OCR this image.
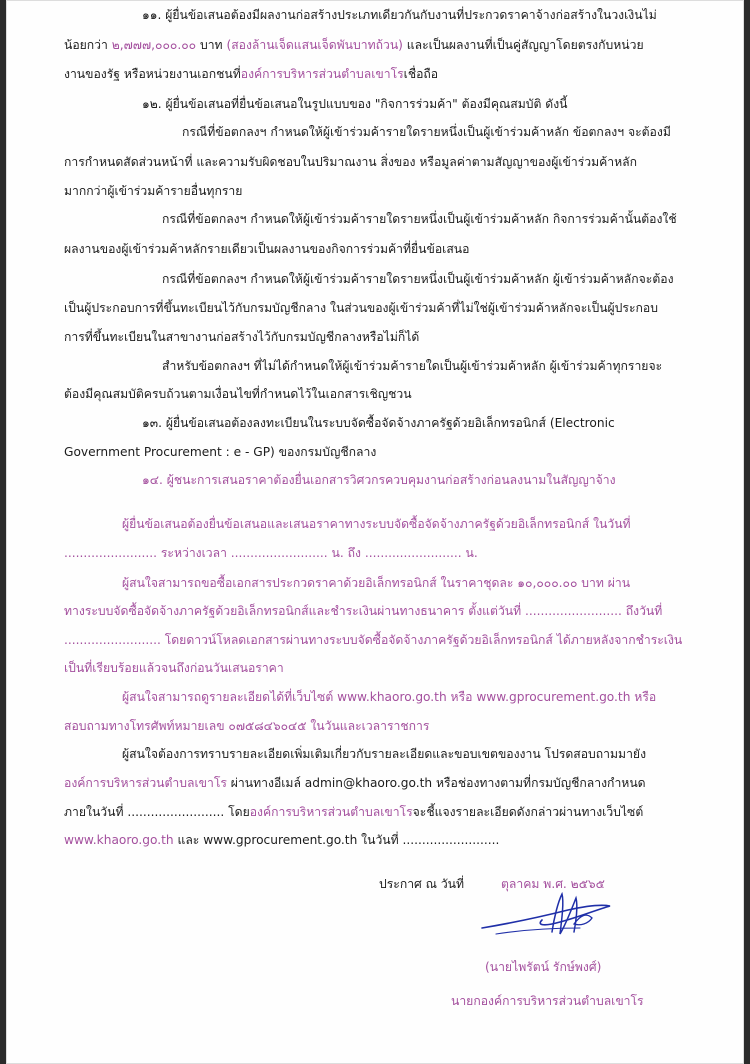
๑๑. ผู้ยื่นข้อเสนอต้องมีผลงานก่อสร้างประเภทเดียวกันกับงานที่ประกวดราคาจ้างก่อสร้างในวงเงินไม่
น้อยกว่า ๒,๗๗๗,๐๐๐.๐๐ บาท (สองล้านเจ็ดแสนเจ็ดพันบาทถ้วน) และเป็นผลงานที่เป็นคู่สัญญาโดยตรงกับหน่วย
งานของรัฐ หรือหน่วยงานเอกชนที่องค์การบริหารส่วนตำบลเขาโรเชื่อถือ
๑๒. ผู้ยื่นข้อเสนอที่ยื่นข้อเสนอในรูปแบบของ "กิจการร่วมค้า" ต้องมีคุณสมบัติ ดังนี้
กรณีที่ข้อตกลงฯ กำหนดให้ผู้เข้าร่วมค้ารายใดรายหนึ่งเป็นผู้เข้าร่วมค้าหลัก ข้อตกลงฯ จะต้องมี
การกำหนดสัดส่วนหน้าที่ และความรับผิดชอบในปริมาณงาน สิ่งของ หรือมูลค่าตามสัญญาของผู้เข้าร่วมค้าหลัก
มากกว่าผู้เข้าร่วมค้ารายอื่นทุกราย
กรณีที่ข้อตกลงฯ กำหนดให้ผู้เข้าร่วมค้ารายใดรายหนึ่งเป็นผู้เข้าร่วมค้าหลัก กิจการร่วมค้านั้นต้องใช้
ผลงานของผู้เข้าร่วมค้าหลักรายเดียวเป็นผลงานของกิจการร่วมค้าที่ยื่นข้อเสนอ
กรณีที่ข้อตกลงฯ กำหนดให้ผู้เข้าร่วมค้ารายใดรายหนึ่งเป็นผู้เข้าร่วมค้าหลัก ผู้เข้าร่วมค้าหลักจะต้อง
เป็นผู้ประกอบการที่ขึ้นทะเบียนไว้กับกรมบัญชีกลาง ในส่วนของผู้เข้าร่วมค้าที่ไม่ใช่ผู้เข้าร่วมค้าหลักจะเป็นผู้ประกอบ
การที่ขึ้นทะเบียนในสาขางานก่อสร้างไว้กับกรมบัญชีกลางหรือไม่ก็ได้
สำหรับข้อตกลงฯ ที่ไม่ได้กำหนดให้ผู้เข้าร่วมค้ารายใดเป็นผู้เข้าร่วมค้าหลัก ผู้เข้าร่วมค้าทุกรายจะ
ต้องมีคุณสมบัติครบถ้วนตามเงื่อนไขที่กำหนดไว้ในเอกสารเชิญชวน
๑๓. ผู้ยื่นข้อเสนอต้องลงทะเบียนในระบบจัดซื้อจัดจ้างภาครัฐด้วยอิเล็กทรอนิกส์ (Electronic
Government Procurement : e - GP) ของกรมบัญชีกลาง
๑๔. ผู้ชนะการเสนอราคาต้องยื่นเอกสารวิศวกรควบคุมงานก่อสร้างก่อนลงนามในสัญญาจ้าง
ผู้ยื่นข้อเสนอต้องยื่นข้อเสนอและเสนอราคาทางระบบจัดซื้อจัดจ้างภาครัฐด้วยอิเล็กทรอนิกส์ ในวันที่
........................ ระหว่างเวลา ......................... น. ถึง ......................... น.
ผู้สนใจสามารถขอซื้อเอกสารประกวดราคาด้วยอิเล็กทรอนิกส์ ในราคาชุดละ ๑๐,๐๐๐.๐๐ บาท ผ่าน
ทางระบบจัดซื้อจัดจ้างภาครัฐด้วยอิเล็กทรอนิกส์และชำระเงินผ่านทางธนาคาร ตั้งแต่วันที่ ......................... ถึงวันที่
......................... โดยดาวน์โหลดเอกสารผ่านทางระบบจัดซื้อจัดจ้างภาครัฐด้วยอิเล็กทรอนิกส์ ได้ภายหลังจากชำระเงิน
เป็นที่เรียบร้อยแล้วจนถึงก่อนวันเสนอราคา
ผู้สนใจสามารถดูรายละเอียดได้ที่เว็บไซต์ www.khaoro.go.th หรือ www.gprocurement.go.th หรือ
สอบถามทางโทรศัพท์หมายเลข ๐๗๕๘๔๖๐๔๕ ในวันและเวลาราชการ
ผู้สนใจต้องการทราบรายละเอียดเพิ่มเติมเกี่ยวกับรายละเอียดและขอบเขตของงาน โปรดสอบถามมายัง
องค์การบริหารส่วนตำบลเขาโร ผ่านทางอีเมล์ admin@khaoro.go.th หรือช่องทางตามที่กรมบัญชีกลางกำหนด
ภายในวันที่ ......................... โดยองค์การบริหารส่วนตำบลเขาโรจะชี้แจงรายละเอียดดังกล่าวผ่านทางเว็บไซต์
www.khaoro.go.th และ www.gprocurement.go.th ในวันที่ .........................
ประกาศ ณ วันที่	ตุลาคม พ.ศ. ๒๕๖๕
(นายไพรัตน์ รักษ์พงศ์)
นายกองค์การบริหารส่วนตำบลเขาโร
